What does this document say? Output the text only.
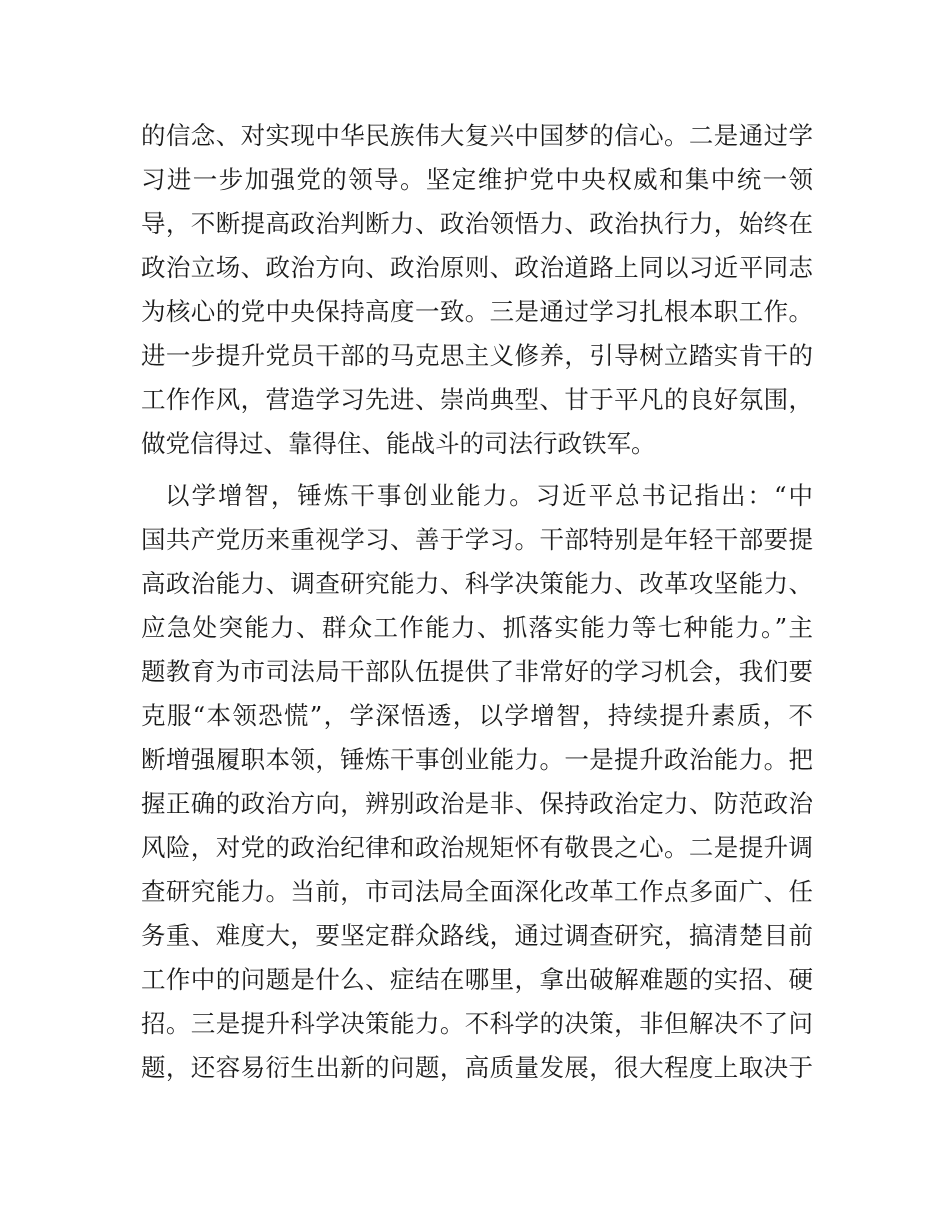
的信念、对实现中华民族伟大复兴中国梦的信心。二是通过学
习进一步加强党的领导。坚定维护党中央权威和集中统一领
导，不断提高政治判断力、政治领悟力、政治执行力，始终在
政治立场、政治方向、政治原则、政治道路上同以习近平同志
为核心的党中央保持高度一致。三是通过学习扎根本职工作。
进一步提升党员干部的马克思主义修养，引导树立踏实肯干的
工作作风，营造学习先进、崇尚典型、甘于平凡的良好氛围，
做党信得过、靠得住、能战斗的司法行政铁军。
以学增智，锤炼干事创业能力。习近平总书记指出：“中
国共产党历来重视学习、善于学习。干部特别是年轻干部要提
高政治能力、调查研究能力、科学决策能力、改革攻坚能力、
应急处突能力、群众工作能力、抓落实能力等七种能力。”主
题教育为市司法局干部队伍提供了非常好的学习机会，我们要
克服“本领恐慌”，学深悟透，以学增智，持续提升素质，不
断增强履职本领，锤炼干事创业能力。一是提升政治能力。把
握正确的政治方向，辨别政治是非、保持政治定力、防范政治
风险，对党的政治纪律和政治规矩怀有敬畏之心。二是提升调
查研究能力。当前，市司法局全面深化改革工作点多面广、任
务重、难度大，要坚定群众路线，通过调查研究，搞清楚目前
工作中的问题是什么、症结在哪里，拿出破解难题的实招、硬
招。三是提升科学决策能力。不科学的决策，非但解决不了问
题，还容易衍生出新的问题，高质量发展，很大程度上取决于
